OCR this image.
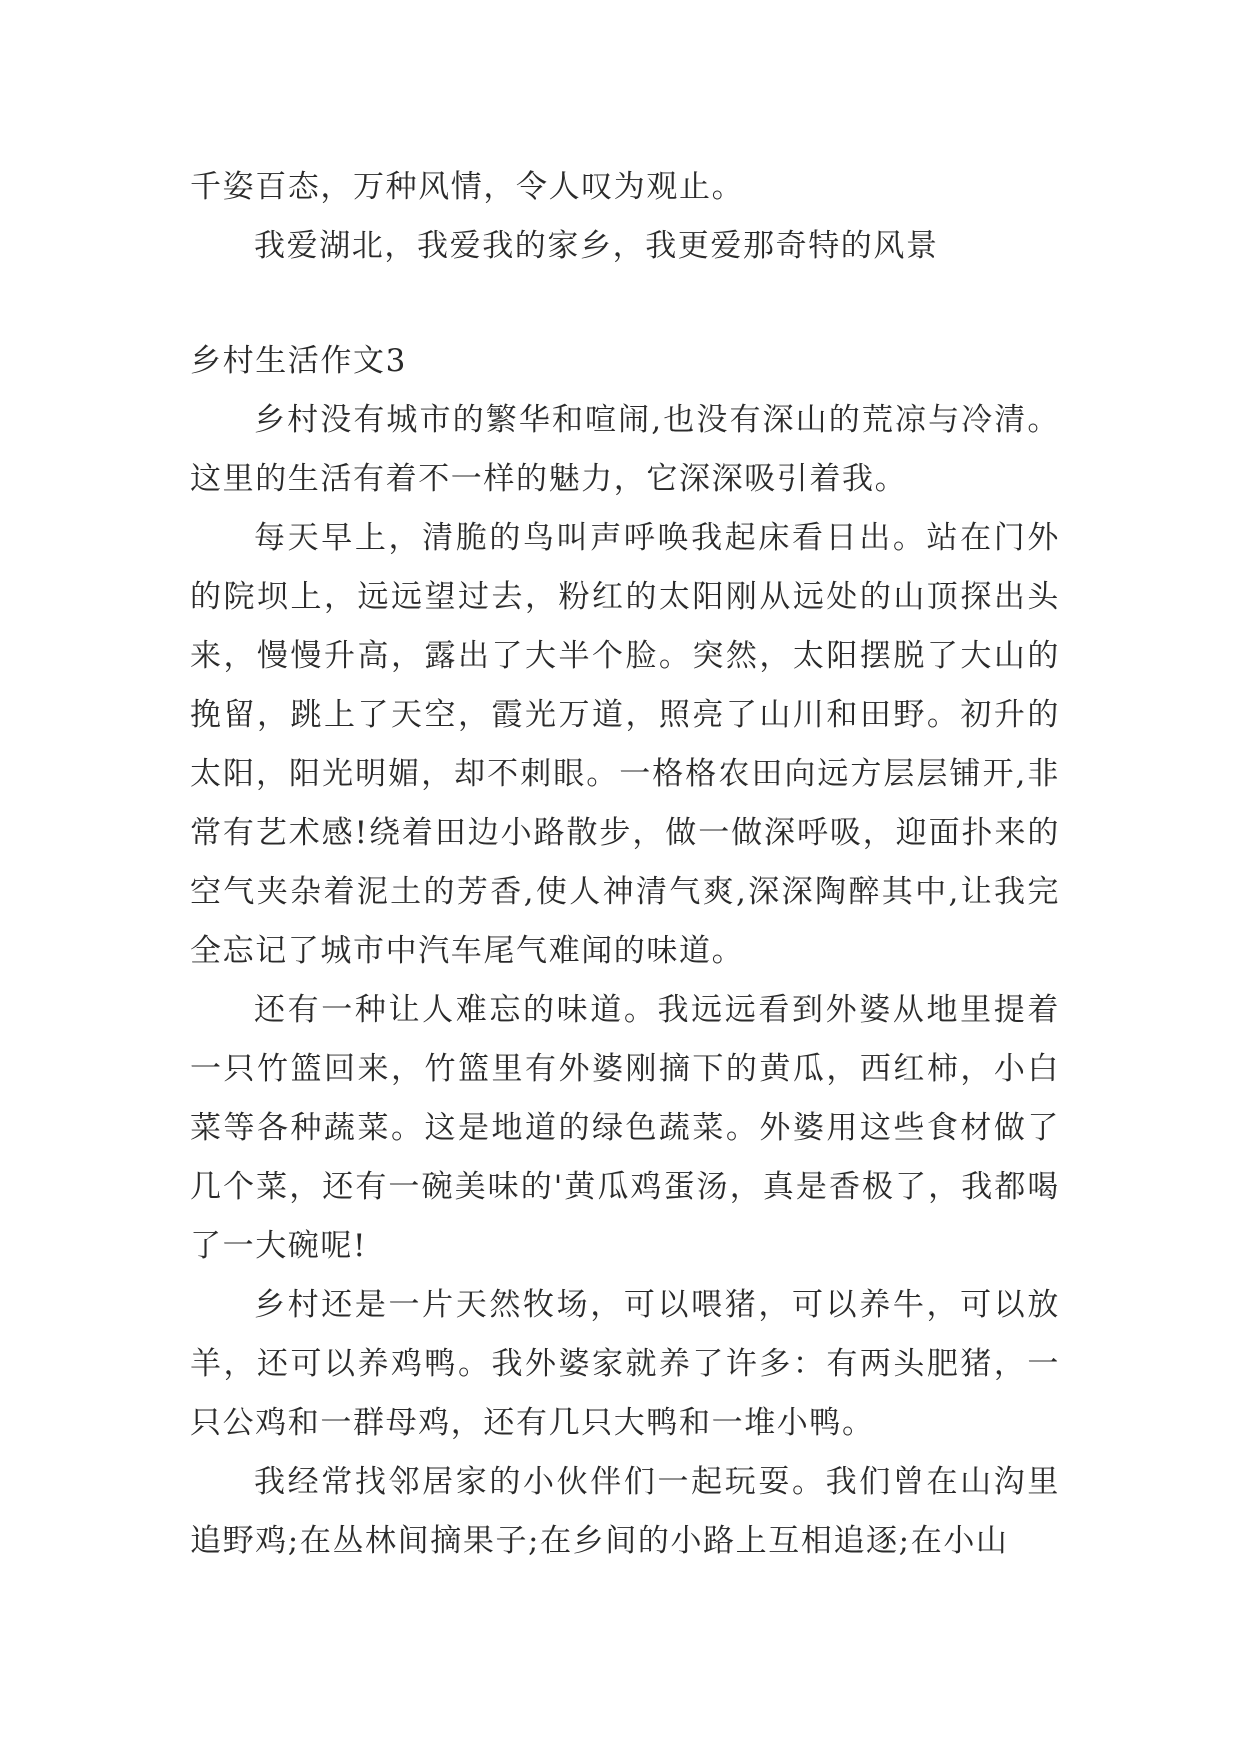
千姿百态，万种风情，令人叹为观止。

我爱湖北，我爱我的家乡，我更爱那奇特的风景

乡村生活作文3

乡村没有城市的繁华和喧闹,也没有深山的荒凉与冷清。这里的生活有着不一样的魅力，它深深吸引着我。

每天早上，清脆的鸟叫声呼唤我起床看日出。站在门外的院坝上，远远望过去，粉红的太阳刚从远处的山顶探出头来，慢慢升高，露出了大半个脸。突然，太阳摆脱了大山的挽留，跳上了天空，霞光万道，照亮了山川和田野。初升的太阳，阳光明媚，却不刺眼。一格格农田向远方层层铺开,非常有艺术感!绕着田边小路散步，做一做深呼吸，迎面扑来的空气夹杂着泥土的芳香,使人神清气爽,深深陶醉其中,让我完全忘记了城市中汽车尾气难闻的味道。

还有一种让人难忘的味道。我远远看到外婆从地里提着一只竹篮回来，竹篮里有外婆刚摘下的黄瓜，西红柿，小白菜等各种蔬菜。这是地道的绿色蔬菜。外婆用这些食材做了几个菜，还有一碗美味的'黄瓜鸡蛋汤，真是香极了，我都喝了一大碗呢!

乡村还是一片天然牧场，可以喂猪，可以养牛，可以放羊，还可以养鸡鸭。我外婆家就养了许多：有两头肥猪，一只公鸡和一群母鸡，还有几只大鸭和一堆小鸭。

我经常找邻居家的小伙伴们一起玩耍。我们曾在山沟里追野鸡;在丛林间摘果子;在乡间的小路上互相追逐;在小山
